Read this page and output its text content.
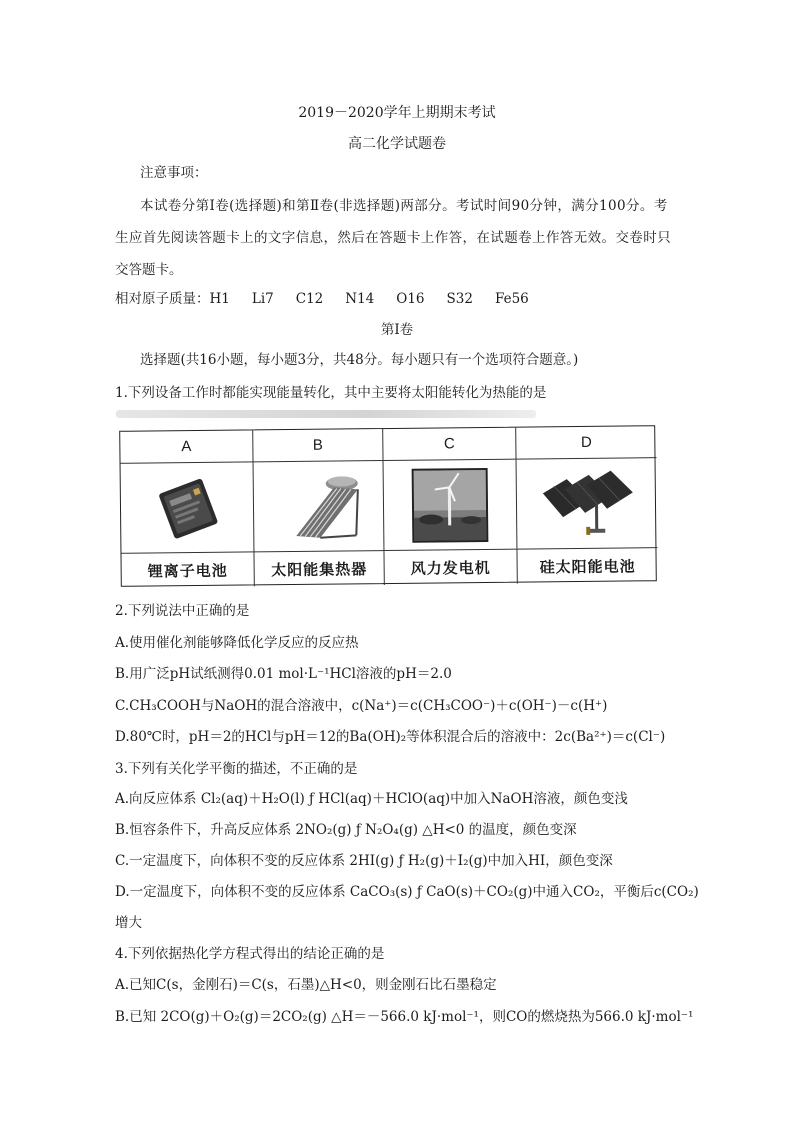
2019－2020学年上期期末考试
高二化学试题卷
注意事项：
本试卷分第Ⅰ卷(选择题)和第Ⅱ卷(非选择题)两部分。考试时间90分钟，满分100分。考
生应首先阅读答题卡上的文字信息，然后在答题卡上作答，在试题卷上作答无效。交卷时只
交答题卡。
相对原子质量：H1 Li7 C12 N14 O16 S32 Fe56
第Ⅰ卷
选择题(共16小题，每小题3分，共48分。每小题只有一个选项符合题意。)
1.下列设备工作时都能实现能量转化，其中主要将太阳能转化为热能的是
A	B	C	D
锂离子电池	太阳能集热器	风力发电机	硅太阳能电池
2.下列说法中正确的是
A.使用催化剂能够降低化学反应的反应热
B.用广泛pH试纸测得0.01 mol·L⁻¹HCl溶液的pH＝2.0
C.CH₃COOH与NaOH的混合溶液中，c(Na⁺)＝c(CH₃COO⁻)＋c(OH⁻)－c(H⁺)
D.80℃时，pH＝2的HCl与pH＝12的Ba(OH)₂等体积混合后的溶液中：2c(Ba²⁺)＝c(Cl⁻)
3.下列有关化学平衡的描述，不正确的是
A.向反应体系 Cl₂(aq)＋H₂O(l) ƒ HCl(aq)＋HClO(aq)中加入NaOH溶液，颜色变浅
B.恒容条件下，升高反应体系 2NO₂(g) ƒ N₂O₄(g) △H<0 的温度，颜色变深
C.一定温度下，向体积不变的反应体系 2HI(g) ƒ H₂(g)＋I₂(g)中加入HI，颜色变深
D.一定温度下，向体积不变的反应体系 CaCO₃(s) ƒ CaO(s)＋CO₂(g)中通入CO₂，平衡后c(CO₂)
增大
4.下列依据热化学方程式得出的结论正确的是
A.已知C(s，金刚石)＝C(s，石墨)△H<0，则金刚石比石墨稳定
B.已知 2CO(g)＋O₂(g)＝2CO₂(g) △H＝－566.0 kJ·mol⁻¹，则CO的燃烧热为566.0 kJ·mol⁻¹
